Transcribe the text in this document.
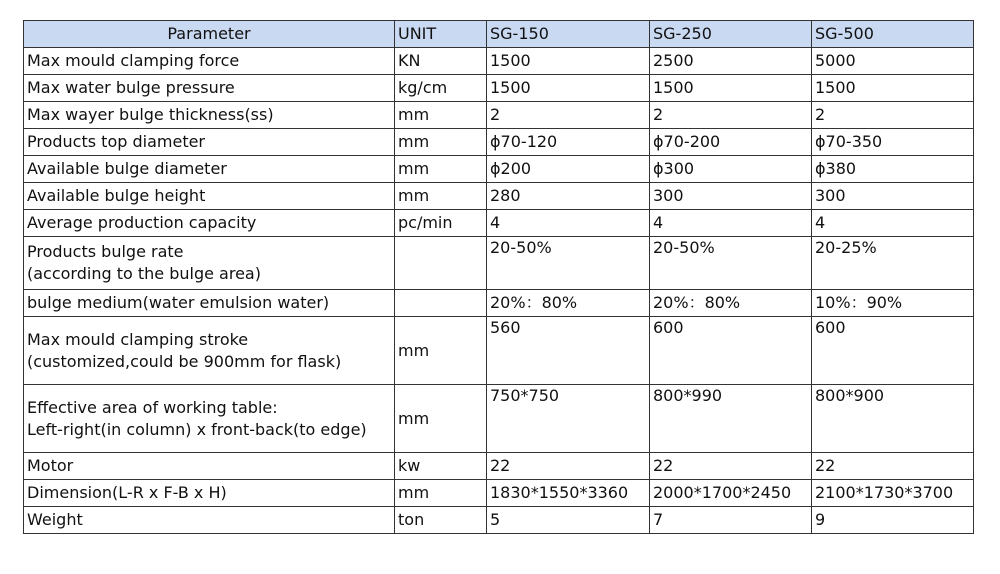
Parameter	UNIT	SG-150	SG-250	SG-500
Max mould clamping force	KN	1500	2500	5000
Max water bulge pressure	kg/cm	1500	1500	1500
Max wayer bulge thickness(ss)	mm	2	2	2
Products top diameter	mm	ϕ70-120	ϕ70-200	ϕ70-350
Available bulge diameter	mm	ϕ200	ϕ300	ϕ380
Available bulge height	mm	280	300	300
Average production capacity	pc/min	4	4	4

Products bulge rate
(according to the bulge area)		20-50%	20-50%	20-25%
bulge medium(water emulsion water)		20%：80%	20%：80%	10%：90%

Max mould clamping stroke
(customized,could be 900mm for flask)	mm	560	600	600

Effective area of working table:
Left-right(in column) x front-back(to edge)	mm	750*750	800*990	800*900
Motor	kw	22	22	22
Dimension(L-R x F-B x H)	mm	1830*1550*3360	2000*1700*2450	2100*1730*3700
Weight	ton	5	7	9
